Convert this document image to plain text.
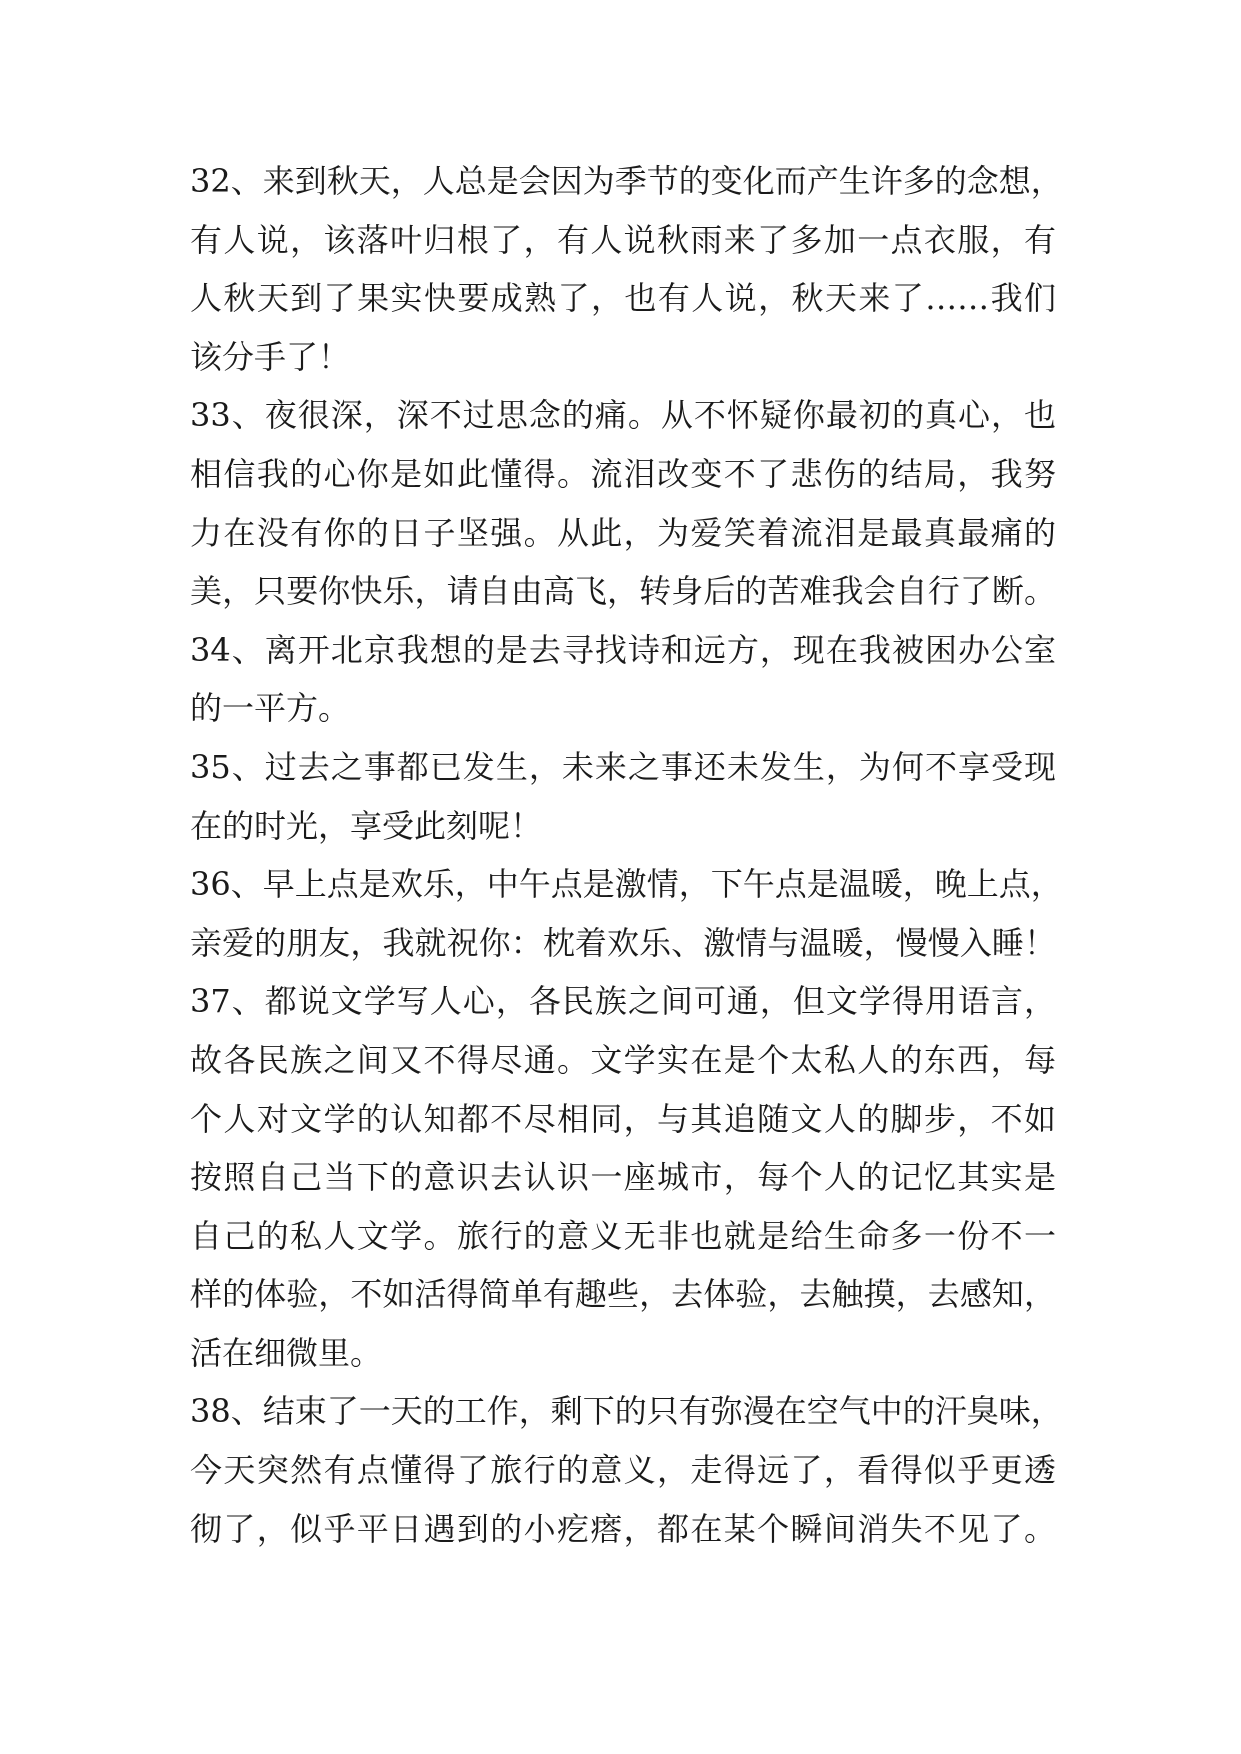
32、来到秋天，人总是会因为季节的变化而产生许多的念想，
有人说，该落叶归根了，有人说秋雨来了多加一点衣服，有
人秋天到了果实快要成熟了，也有人说，秋天来了……我们
该分手了！
33、夜很深，深不过思念的痛。从不怀疑你最初的真心，也
相信我的心你是如此懂得。流泪改变不了悲伤的结局，我努
力在没有你的日子坚强。从此，为爱笑着流泪是最真最痛的
美，只要你快乐，请自由高飞，转身后的苦难我会自行了断。
34、离开北京我想的是去寻找诗和远方，现在我被困办公室
的一平方。
35、过去之事都已发生，未来之事还未发生，为何不享受现
在的时光，享受此刻呢！
36、早上点是欢乐，中午点是激情，下午点是温暖，晚上点，
亲爱的朋友，我就祝你：枕着欢乐、激情与温暖，慢慢入睡！
37、都说文学写人心，各民族之间可通，但文学得用语言，
故各民族之间又不得尽通。文学实在是个太私人的东西，每
个人对文学的认知都不尽相同，与其追随文人的脚步，不如
按照自己当下的意识去认识一座城市，每个人的记忆其实是
自己的私人文学。旅行的意义无非也就是给生命多一份不一
样的体验，不如活得简单有趣些，去体验，去触摸，去感知，
活在细微里。
38、结束了一天的工作，剩下的只有弥漫在空气中的汗臭味，
今天突然有点懂得了旅行的意义，走得远了，看得似乎更透
彻了，似乎平日遇到的小疙瘩，都在某个瞬间消失不见了。
